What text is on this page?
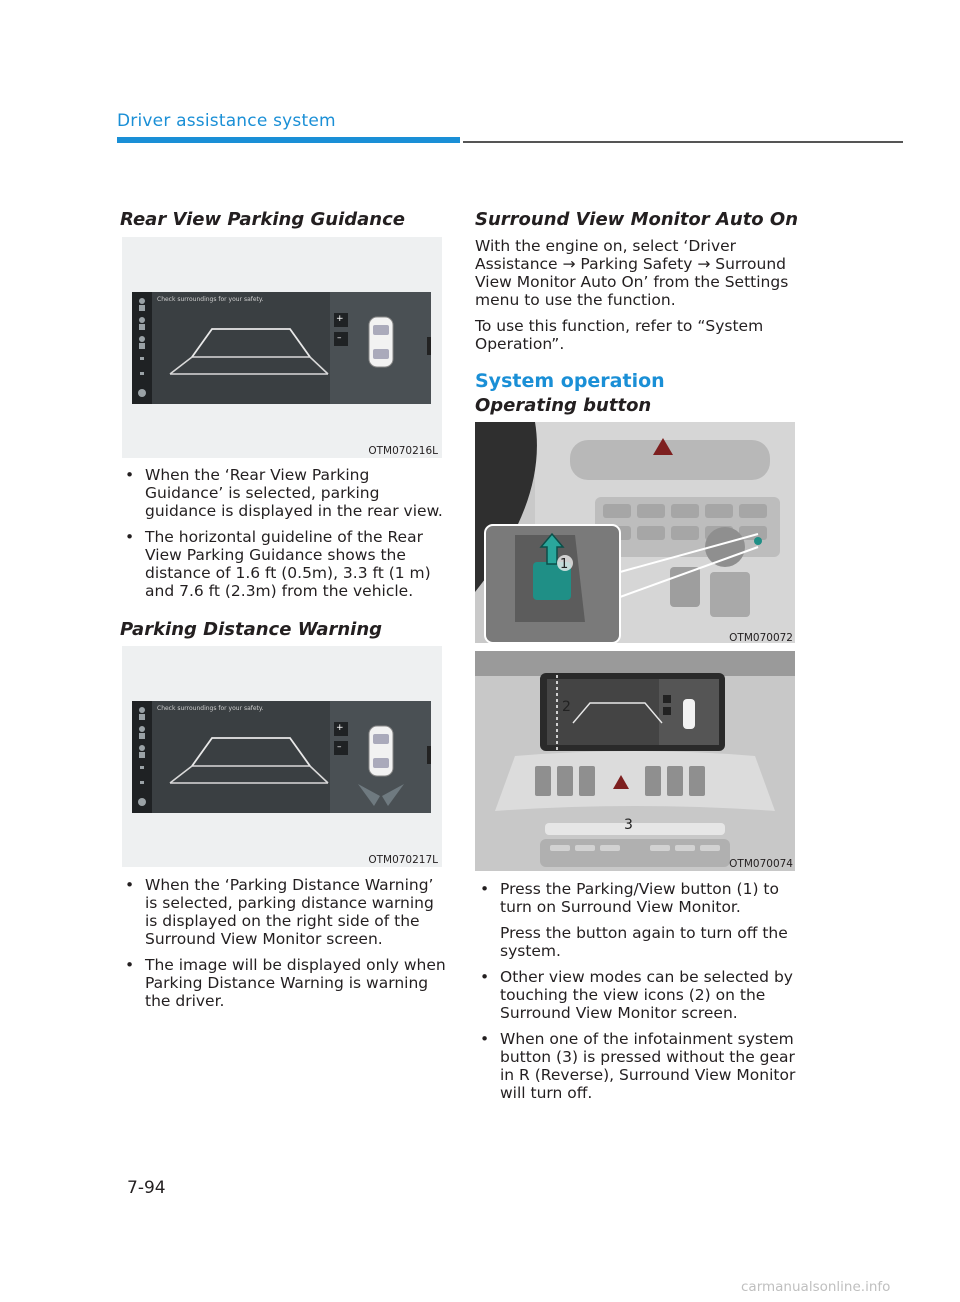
Driver assistance system
Rear View Parking Guidance
Check surroundings for your safety.
+
–
OTM070216L
• When the ‘Rear View Parking Guidance’ is selected, parking guidance is displayed in the rear view.
• The horizontal guideline of the Rear View Parking Guidance shows the distance of 1.6 ft (0.5m), 3.3 ft (1 m) and 7.6 ft (2.3m) from the vehicle.
Parking Distance Warning
Check surroundings for your safety.
+
–
OTM070217L
• When the ‘Parking Distance Warning’ is selected, parking distance warning is displayed on the right side of the Surround View Monitor screen.
• The image will be displayed only when Parking Distance Warning is warning the driver.
Surround View Monitor Auto On

With the engine on, select ‘Driver Assistance → Parking Safety → Surround View Monitor Auto On’ from the Settings menu to use the function.

To use this function, refer to “System Operation”.

System operation
Operating button
1
OTM070072
2
3
OTM070074
• Press the Parking/View button (1) to turn on Surround View Monitor.
Press the button again to turn off the system.
• Other view modes can be selected by touching the view icons (2) on the Surround View Monitor screen.
• When one of the infotainment system button (3) is pressed without the gear in R (Reverse), Surround View Monitor will turn off.
7-94
carmanualsonline.info
